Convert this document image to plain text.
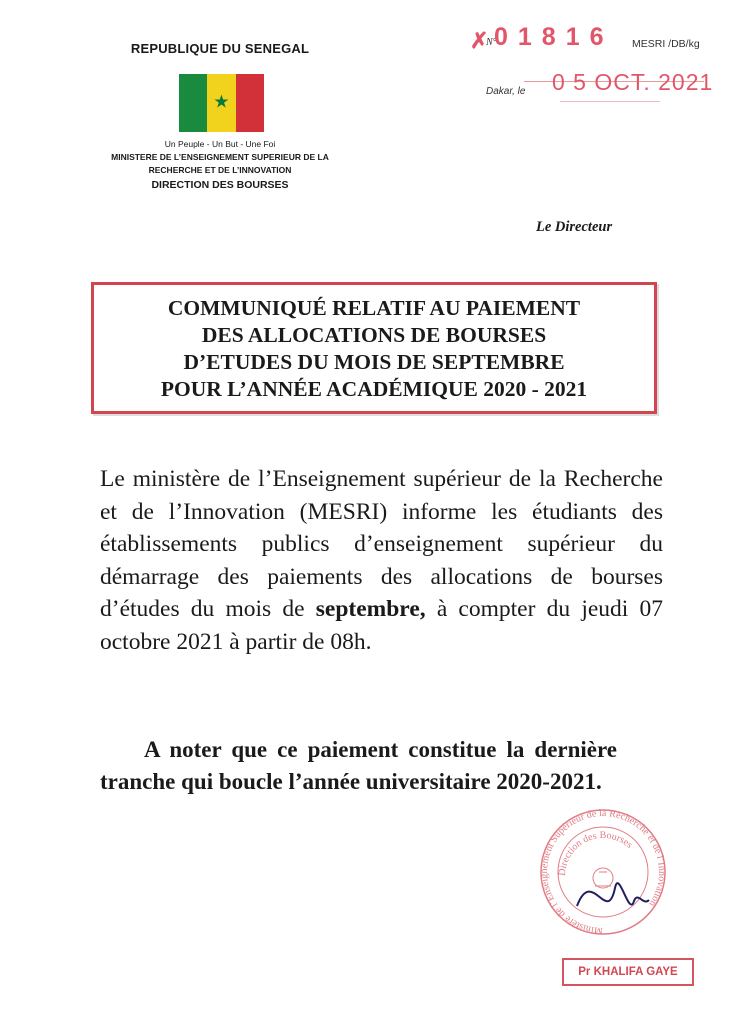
REPUBLIQUE DU SENEGAL
★
Un Peuple - Un But - Une Foi
MINISTERE DE L’ENSEIGNEMENT SUPERIEUR DE LA
RECHERCHE ET DE L’INNOVATION
DIRECTION DES BOURSES
✗
N°
01816 MESRI /DB/kg
Dakar, le 0 5 OCT. 2021
Le Directeur
COMMUNIQUÉ RELATIF AU PAIEMENT
DES ALLOCATIONS DE BOURSES
D’ETUDES DU MOIS DE SEPTEMBRE
POUR L’ANNÉE ACADÉMIQUE 2020 - 2021
Le ministère de l’Enseignement supérieur de la Recherche et de l’Innovation (MESRI) informe les étudiants des établissements publics d’enseignement supérieur du démarrage des paiements des allocations de bourses d’études du mois de septembre, à compter du jeudi 07 octobre 2021 à partir de 08h.
A noter que ce paiement constitue la dernière tranche qui boucle l’année universitaire 2020-2021.
Ministère de l’Enseignement Supérieur de la Recherche et de l’Innovation
Direction des Bourses
Pr KHALIFA GAYE
